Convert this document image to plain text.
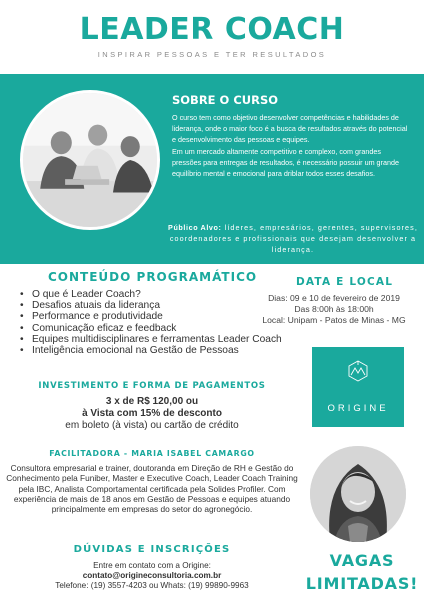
LEADER COACH
INSPIRAR PESSOAS E TER RESULTADOS
SOBRE O CURSO

O curso tem como objetivo desenvolver competências e habilidades de liderança, onde o maior foco é a busca de resultados através do potencial e desenvolvimento das pessoas e equipes.

Em um mercado altamente competitivo e complexo, com grandes pressões para entregas de resultados, é necessário possuir um grande equilíbrio mental e emocional para driblar todos esses desafios.

Público Alvo: líderes, empresários, gerentes, supervisores, coordenadores e profissionais que desejam desenvolver a liderança.
CONTEÚDO PROGRAMÁTICO
• O que é Leader Coach?
• Desafios atuais da liderança
• Performance e produtividade
• Comunicação eficaz e feedback
• Equipes multidisciplinares e ferramentas Leader Coach
• Inteligência emocional na Gestão de Pessoas
DATA E LOCAL
Dias: 09 e 10 de fevereiro de 2019
Das 8:00h às 18:00h
Local: Unipam - Patos de Minas - MG
ORIGINE
INVESTIMENTO E FORMA DE PAGAMENTOS
3 x de R$ 120,00 ou
à Vista com 15% de desconto
em boleto (à vista) ou cartão de crédito
FACILITADORA - MARIA ISABEL CAMARGO
Consultora empresarial e trainer, doutoranda em Direção de RH e Gestão do Conhecimento pela Funiber, Master e Executive Coach, Leader Coach Training pela IBC, Analista Comportamental certificada pela Solides Profiler. Com experiência de mais de 18 anos em Gestão de Pessoas e equipes atuando principalmente em empresas do setor do agronegócio.
DÚVIDAS E INSCRIÇÕES
Entre em contato com a Origine:
contato@origineconsultoria.com.br
Telefone: (19) 3557-4203 ou Whats: (19) 99890-9963
VAGAS
LIMITADAS!
